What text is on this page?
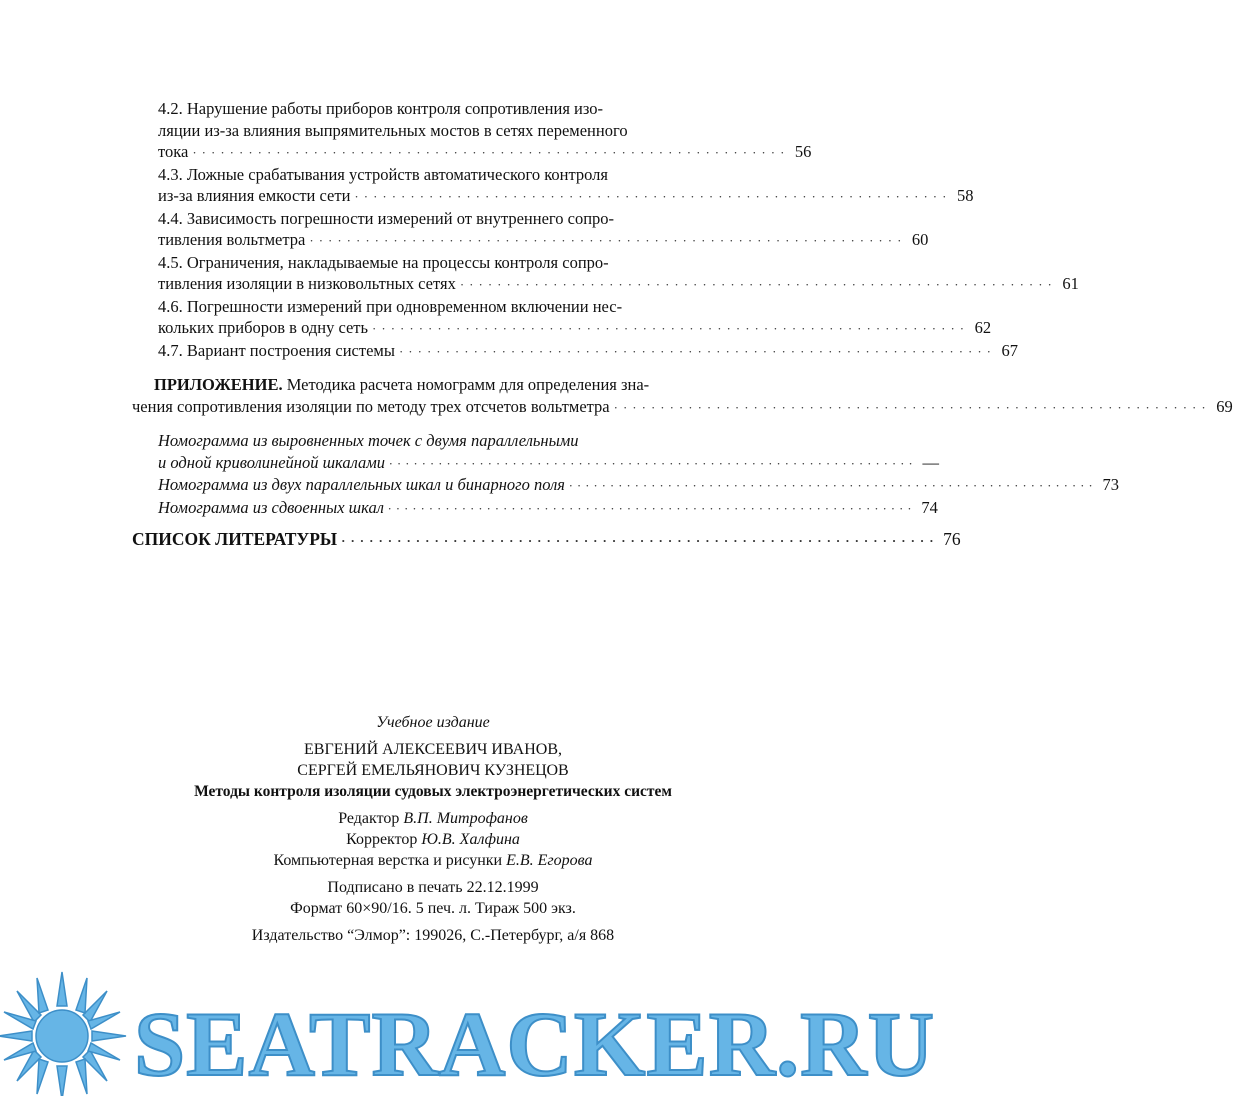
4.2. Нарушение работы приборов контроля сопротивления изо-
ляции из-за влияния выпрямительных мостов в сетях переменного
тока ································································ 56
4.3. Ложные срабатывания устройств автоматического контроля
из-за влияния емкости сети ································································ 58
4.4. Зависимость погрешности измерений от внутреннего сопро-
тивления вольтметра ································································ 60
4.5. Ограничения, накладываемые на процессы контроля сопро-
тивления изоляции в низковольтных сетях ································································ 61
4.6. Погрешности измерений при одновременном включении нес-
кольких приборов в одну сеть ································································ 62
4.7. Вариант построения системы ································································ 67
ПРИЛОЖЕНИЕ. Методика расчета номограмм для определения зна-
чения сопротивления изоляции по методу трех отсчетов вольтметра ································································ 69
Номограмма из выровненных точек с двумя параллельными
и одной криволинейной шкалами ································································ —
Номограмма из двух параллельных шкал и бинарного поля ································································ 73
Номограмма из сдвоенных шкал ································································ 74
СПИСОК ЛИТЕРАТУРЫ ································································ 76
Учебное издание
ЕВГЕНИЙ АЛЕКСЕЕВИЧ ИВАНОВ,
СЕРГЕЙ ЕМЕЛЬЯНОВИЧ КУЗНЕЦОВ
Методы контроля изоляции судовых электроэнергетических систем
Редактор В.П. Митрофанов
Корректор Ю.В. Халфина
Компьютерная верстка и рисунки Е.В. Егорова
Подписано в печать 22.12.1999
Формат 60×90/16. 5 печ. л. Тираж 500 экз.
Издательство “Элмор”: 199026, С.-Петербург, а/я 868
SEATRACKER.RU
